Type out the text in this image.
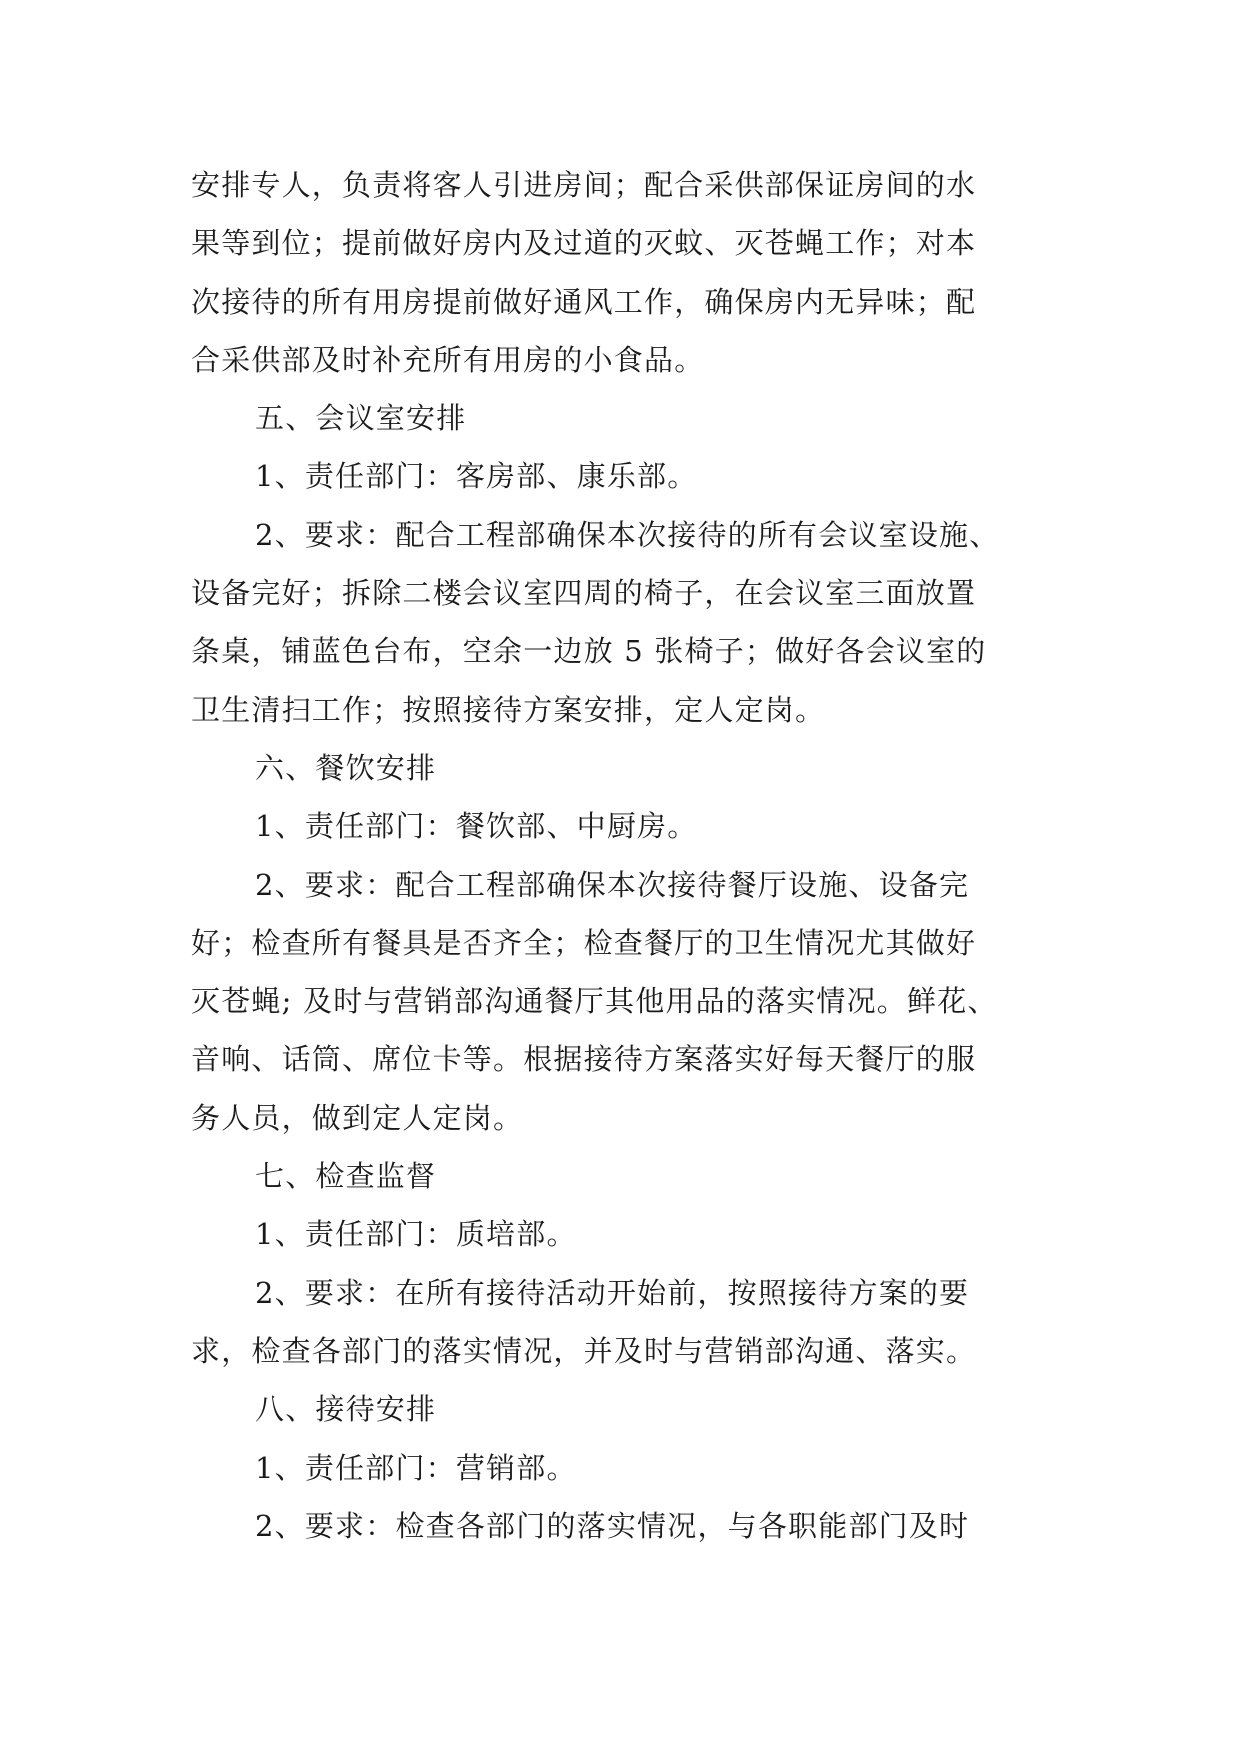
安排专人，负责将客人引进房间；配合采供部保证房间的水
果等到位；提前做好房内及过道的灭蚊、灭苍蝇工作；对本
次接待的所有用房提前做好通风工作，确保房内无异味；配
合采供部及时补充所有用房的小食品。
五、会议室安排
1、责任部门：客房部、康乐部。
2、要求：配合工程部确保本次接待的所有会议室设施、
设备完好；拆除二楼会议室四周的椅子，在会议室三面放置
条桌，铺蓝色台布，空余一边放 5 张椅子；做好各会议室的
卫生清扫工作；按照接待方案安排，定人定岗。
六、餐饮安排
1、责任部门：餐饮部、中厨房。
2、要求：配合工程部确保本次接待餐厅设施、设备完
好；检查所有餐具是否齐全；检查餐厅的卫生情况尤其做好
灭苍蝇; 及时与营销部沟通餐厅其他用品的落实情况。鲜花、
音响、话筒、席位卡等。根据接待方案落实好每天餐厅的服
务人员，做到定人定岗。
七、检查监督
1、责任部门：质培部。
2、要求：在所有接待活动开始前，按照接待方案的要
求，检查各部门的落实情况，并及时与营销部沟通、落实。
八、接待安排
1、责任部门：营销部。
2、要求：检查各部门的落实情况，与各职能部门及时
